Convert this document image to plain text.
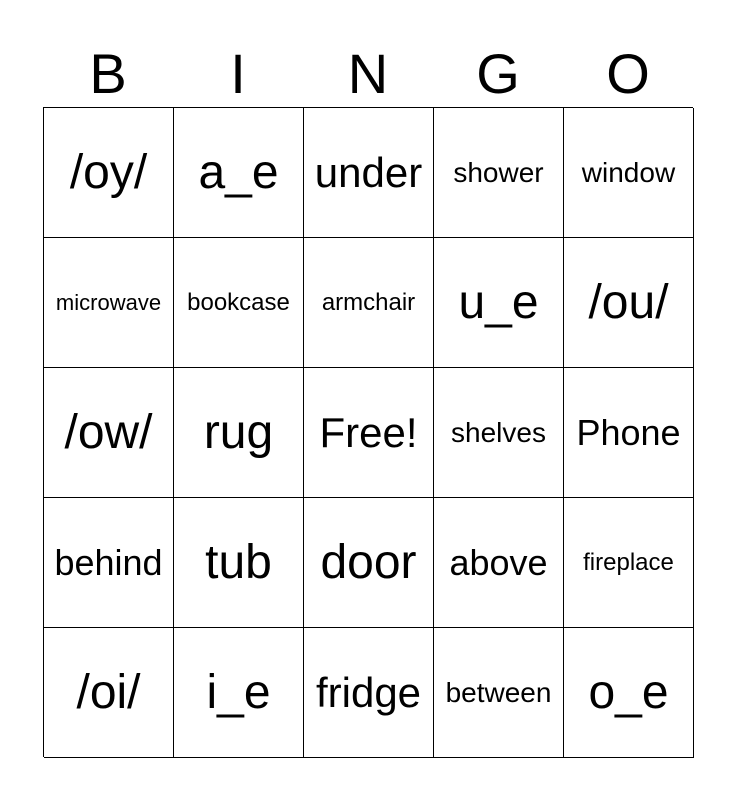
B	I	N	G	O
/oy/ a_e under shower window
microwave bookcase armchair u_e /ou/
/ow/ rug Free! shelves Phone
behind tub door above fireplace
/oi/ i_e fridge between o_e
